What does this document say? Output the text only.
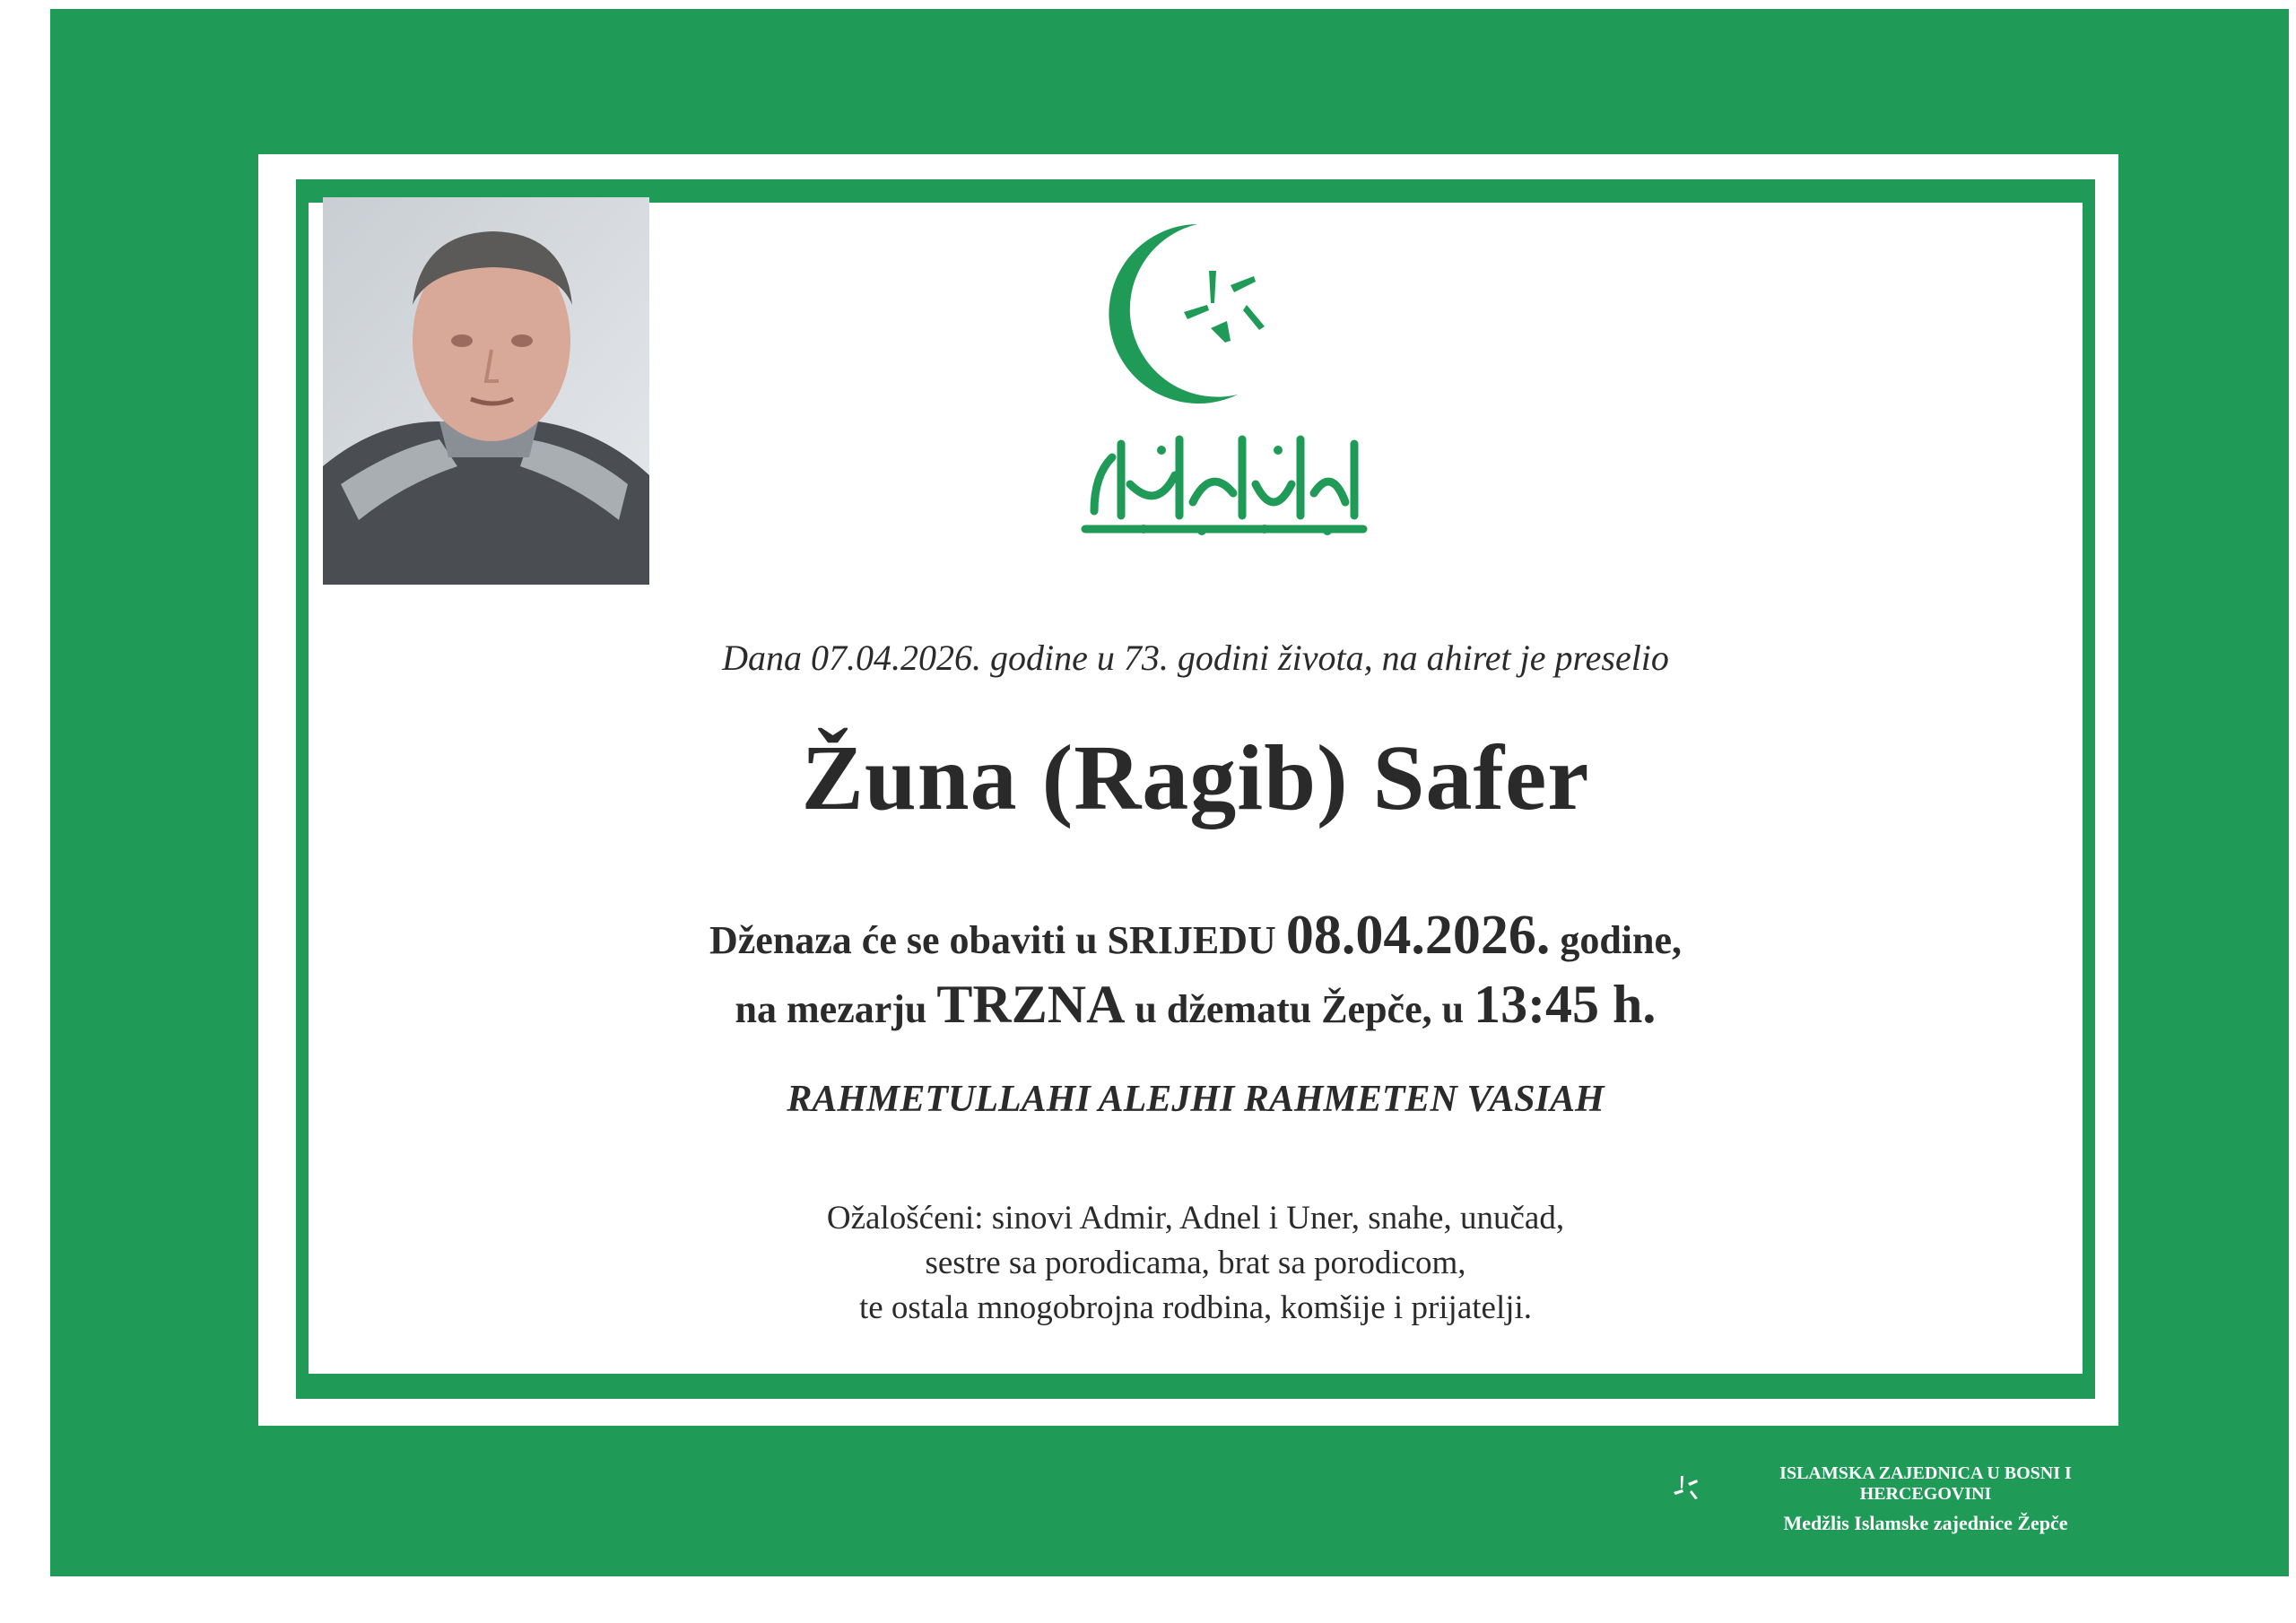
Dana 07.04.2026. godine u 73. godini života, na ahiret je preselio
Žuna (Ragib) Safer
Dženaza će se obaviti u SRIJEDU 08.04.2026. godine,
na mezarju TRZNA u džematu Žepče, u 13:45 h.
RAHMETULLAHI ALEJHI RAHMETEN VASIAH
Ožalošćeni: sinovi Admir, Adnel i Uner, snahe, unučad,
sestre sa porodicama, brat sa porodicom,
te ostala mnogobrojna rodbina, komšije i prijatelji.
ISLAMSKA ZAJEDNICA U BOSNI I HERCEGOVINI
Medžlis Islamske zajednice Žepče
